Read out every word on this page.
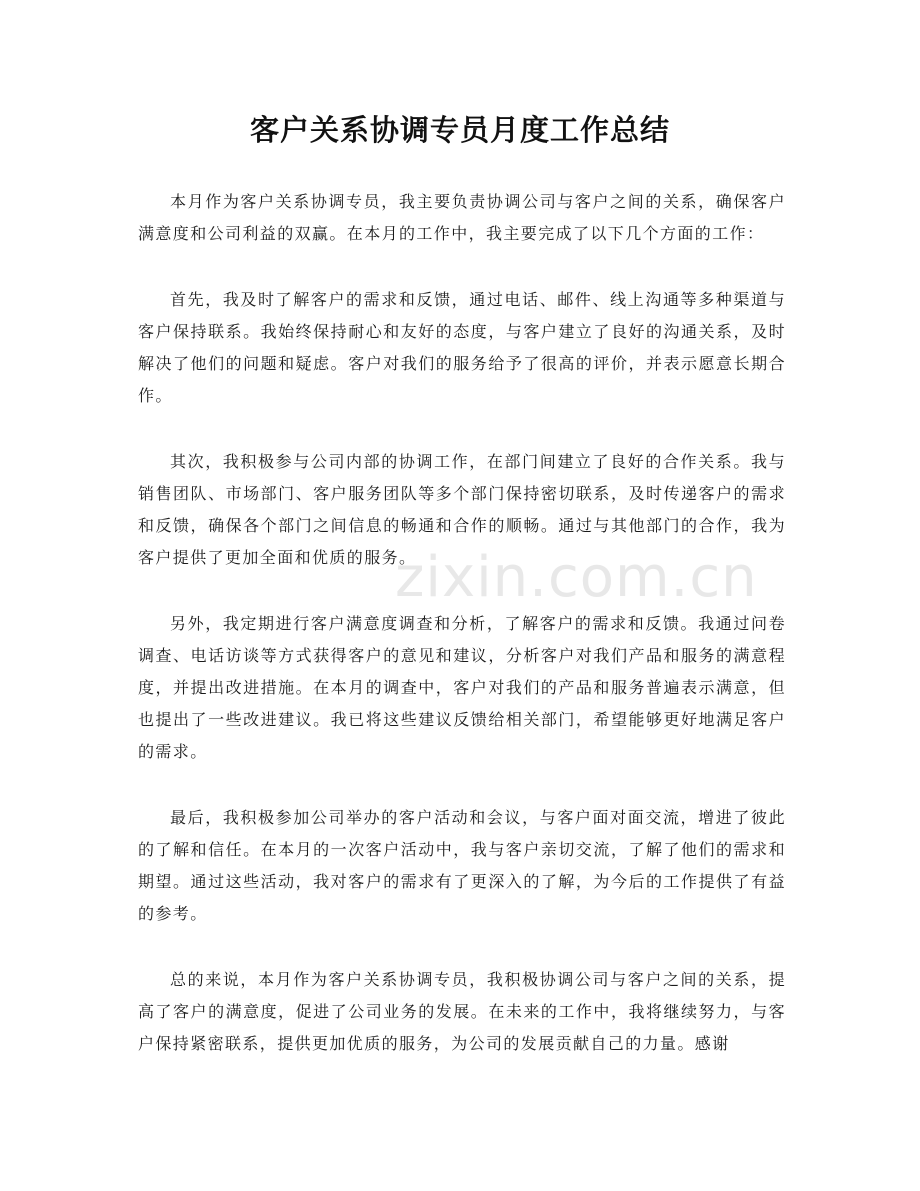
zixin.com.cn
客户关系协调专员月度工作总结

本月作为客户关系协调专员，我主要负责协调公司与客户之间的关系，确保客户满意度和公司利益的双赢。在本月的工作中，我主要完成了以下几个方面的工作：

首先，我及时了解客户的需求和反馈，通过电话、邮件、线上沟通等多种渠道与客户保持联系。我始终保持耐心和友好的态度，与客户建立了良好的沟通关系，及时解决了他们的问题和疑虑。客户对我们的服务给予了很高的评价，并表示愿意长期合作。

其次，我积极参与公司内部的协调工作，在部门间建立了良好的合作关系。我与销售团队、市场部门、客户服务团队等多个部门保持密切联系，及时传递客户的需求和反馈，确保各个部门之间信息的畅通和合作的顺畅。通过与其他部门的合作，我为客户提供了更加全面和优质的服务。

另外，我定期进行客户满意度调查和分析，了解客户的需求和反馈。我通过问卷调查、电话访谈等方式获得客户的意见和建议，分析客户对我们产品和服务的满意程度，并提出改进措施。在本月的调查中，客户对我们的产品和服务普遍表示满意，但也提出了一些改进建议。我已将这些建议反馈给相关部门，希望能够更好地满足客户的需求。

最后，我积极参加公司举办的客户活动和会议，与客户面对面交流，增进了彼此的了解和信任。在本月的一次客户活动中，我与客户亲切交流，了解了他们的需求和期望。通过这些活动，我对客户的需求有了更深入的了解，为今后的工作提供了有益的参考。

总的来说，本月作为客户关系协调专员，我积极协调公司与客户之间的关系，提高了客户的满意度，促进了公司业务的发展。在未来的工作中，我将继续努力，与客户保持紧密联系，提供更加优质的服务，为公司的发展贡献自己的力量。感谢
